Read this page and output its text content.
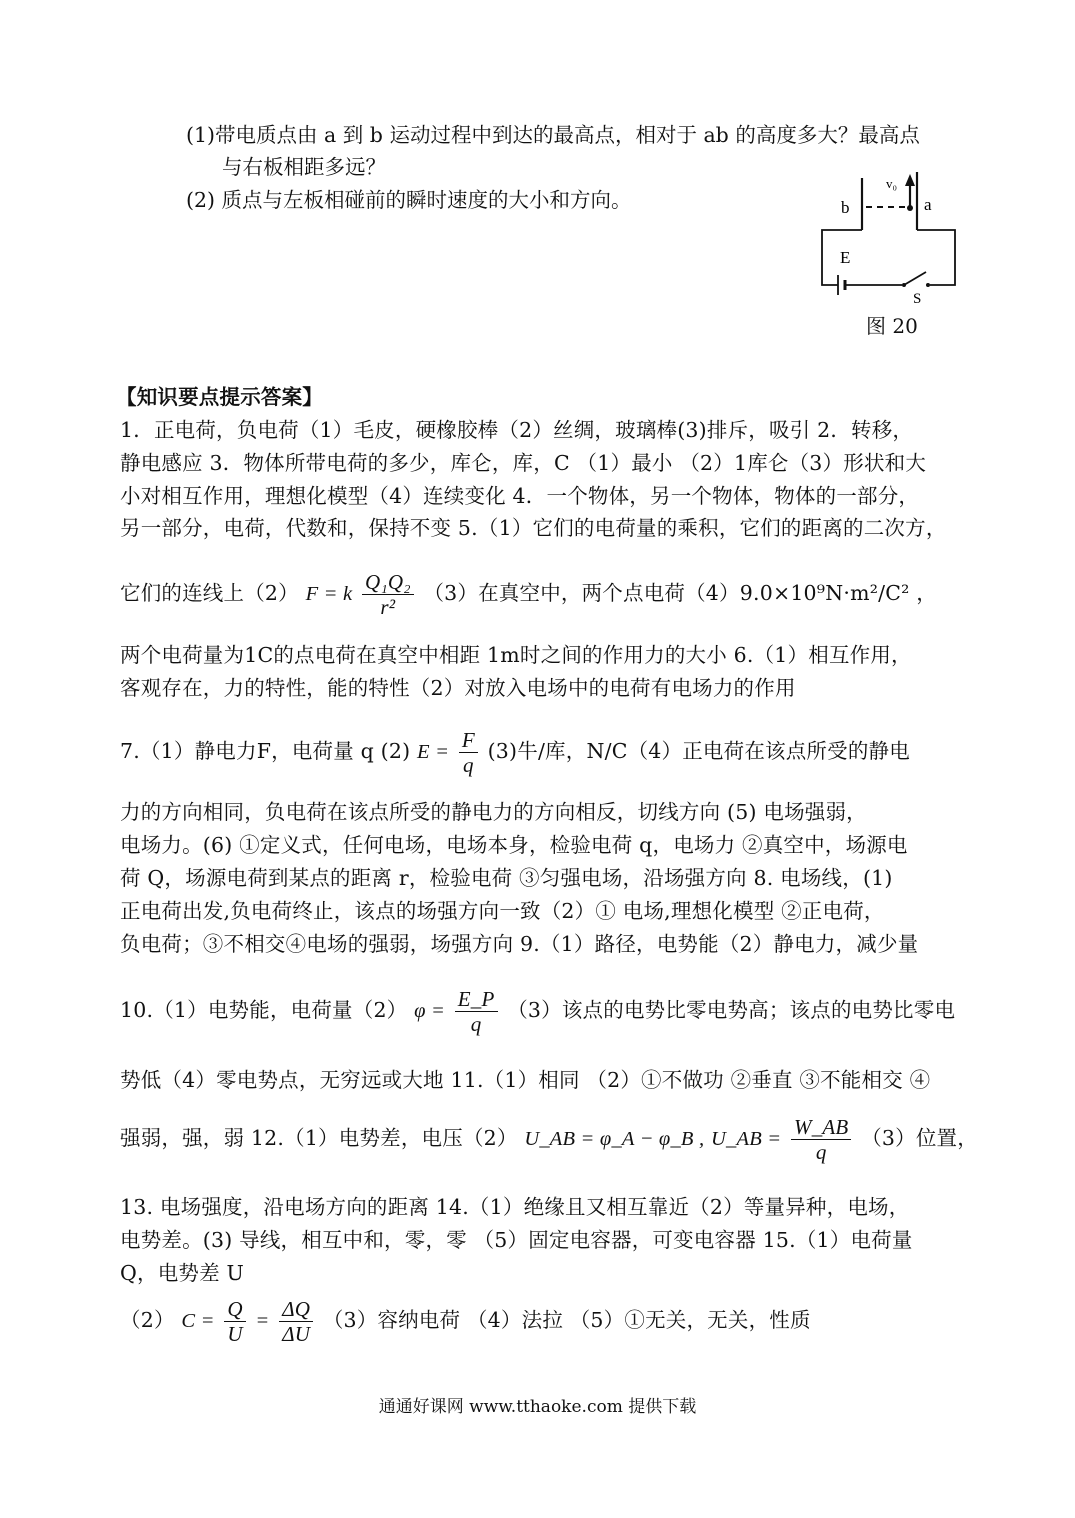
(1)带电质点由 a 到 b 运动过程中到达的最高点，相对于 ab 的高度多大？最高点
与右板相距多远？
(2) 质点与左板相碰前的瞬时速度的大小和方向。
v₀
b	a
E
S
图 20
【知识要点提示答案】
1．正电荷，负电荷（1）毛皮，硬橡胶棒（2）丝绸，玻璃棒(3)排斥，吸引 2．转移，
静电感应 3．物体所带电荷的多少，库仑，库，C （1）最小 （2）1库仑（3）形状和大
小对相互作用，理想化模型（4）连续变化 4．一个物体，另一个物体，物体的一部分，
另一部分，电荷，代数和，保持不变 5.（1）它们的电荷量的乘积，它们的距离的二次方，
它们的连线上（2） F = k $\frac{\text{Q₁Q₂}}{\text{r²}} (3)$在真空中，两个点电荷（4）9.0×10⁹N·m²/C² ，
两个电荷量为1C的点电荷在真空中相距 1m时之间的作用力的大小 6.（1）相互作用，
客观存在，力的特性，能的特性（2）对放入电场中的电荷有电场力的作用
7.（1）静电力F，电荷量 q (2) $E = \frac{F}{q} (3)$牛/库，N/C（4）正电荷在该点所受的静电
力的方向相同，负电荷在该点所受的静电力的方向相反，切线方向 (5) 电场强弱，
电场力。(6) ①定义式，任何电场，电场本身，检验电荷 q，电场力 ②真空中，场源电
荷 Q，场源电荷到某点的距离 r，检验电荷 ③匀强电场，沿场强方向 8. 电场线，(1)
正电荷出发,负电荷终止，该点的场强方向一致（2）① 电场,理想化模型 ②正电荷，
负电荷；③不相交④电场的强弱，场强方向 9.（1）路径，电势能（2）静电力，减少量
10.（1）电势能，电荷量（2） $\varphi = \frac{E\_P}{q} (3)$该点的电势比零电势高；该点的电势比零电
势低（4）零电势点，无穷远或大地 11.（1）相同 （2）①不做功 ②垂直 ③不能相交 ④
强弱，强，弱 12.（1）电势差，电压（2） U_AB = φ_A − φ_B , U_AB = $\frac{W\_AB}{q} (3)$位置，
13. 电场强度，沿电场方向的距离 14.（1）绝缘且又相互靠近（2）等量异种，电场，
电势差。(3) 导线，相互中和，零，零 （5）固定电容器，可变电容器 15.（1）电荷量
Q，电势差 U
（2） $C = \frac{Q}{U} = \frac{\Delta Q}{\Delta U} (3)$容纳电荷 （4）法拉 （5）①无关，无关，性质
通通好课网 www.tthaoke.com 提供下载
